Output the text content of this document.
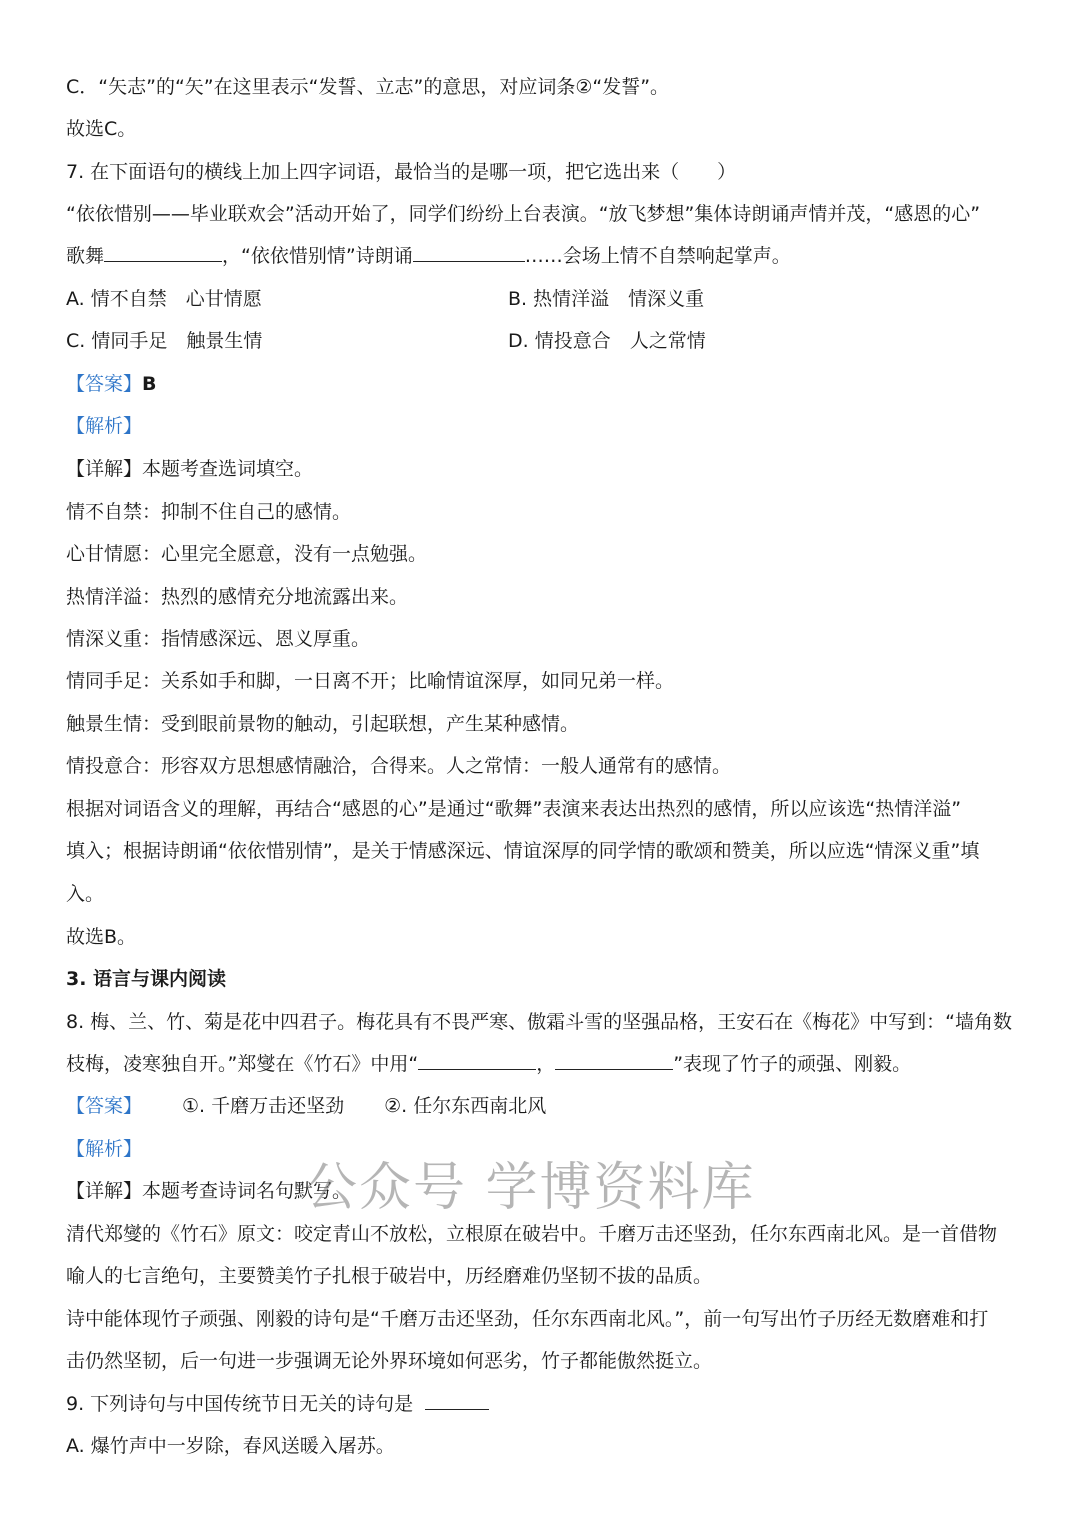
C．“矢志”的“矢”在这里表示“发誓、立志”的意思，对应词条②“发誓”。
故选C。
7. 在下面语句的横线上加上四字词语，最恰当的是哪一项，把它选出来（　　）
“依依惜别——毕业联欢会”活动开始了，同学们纷纷上台表演。“放飞梦想”集体诗朗诵声情并茂，“感恩的心”
歌舞	，“依依惜别情”诗朗诵	……会场上情不自禁响起掌声。
A. 情不自禁　心甘情愿	B. 热情洋溢　情深义重
C. 情同手足　触景生情	D. 情投意合　人之常情
【答案】B
【解析】
【详解】本题考查选词填空。
情不自禁：抑制不住自己的感情。
心甘情愿：心里完全愿意，没有一点勉强。
热情洋溢：热烈的感情充分地流露出来。
情深义重：指情感深远、恩义厚重。
情同手足：关系如手和脚，一日离不开；比喻情谊深厚，如同兄弟一样。
触景生情：受到眼前景物的触动，引起联想，产生某种感情。
情投意合：形容双方思想感情融洽，合得来。人之常情：一般人通常有的感情。
根据对词语含义的理解，再结合“感恩的心”是通过“歌舞”表演来表达出热烈的感情，所以应该选“热情洋溢”
填入；根据诗朗诵“依依惜别情”，是关于情感深远、情谊深厚的同学情的歌颂和赞美，所以应选“情深义重”填
入。
故选B。
3. 语言与课内阅读
8. 梅、兰、竹、菊是花中四君子。梅花具有不畏严寒、傲霜斗雪的坚强品格，王安石在《梅花》中写到：“墙角数
枝梅，凌寒独自开。”郑燮在《竹石》中用“	，	”表现了竹子的顽强、刚毅。
【答案】 ①. 千磨万击还坚劲 ②. 任尔东西南北风
【解析】
【详解】本题考查诗词名句默写。
清代郑燮的《竹石》原文：咬定青山不放松，立根原在破岩中。千磨万击还坚劲，任尔东西南北风。是一首借物
喻人的七言绝句，主要赞美竹子扎根于破岩中，历经磨难仍坚韧不拔的品质。
诗中能体现竹子顽强、刚毅的诗句是“千磨万击还坚劲，任尔东西南北风。”，前一句写出竹子历经无数磨难和打
击仍然坚韧，后一句进一步强调无论外界环境如何恶劣，竹子都能傲然挺立。
9. 下列诗句与中国传统节日无关的诗句是
A. 爆竹声中一岁除，春风送暖入屠苏。
公众号 学博资料库
